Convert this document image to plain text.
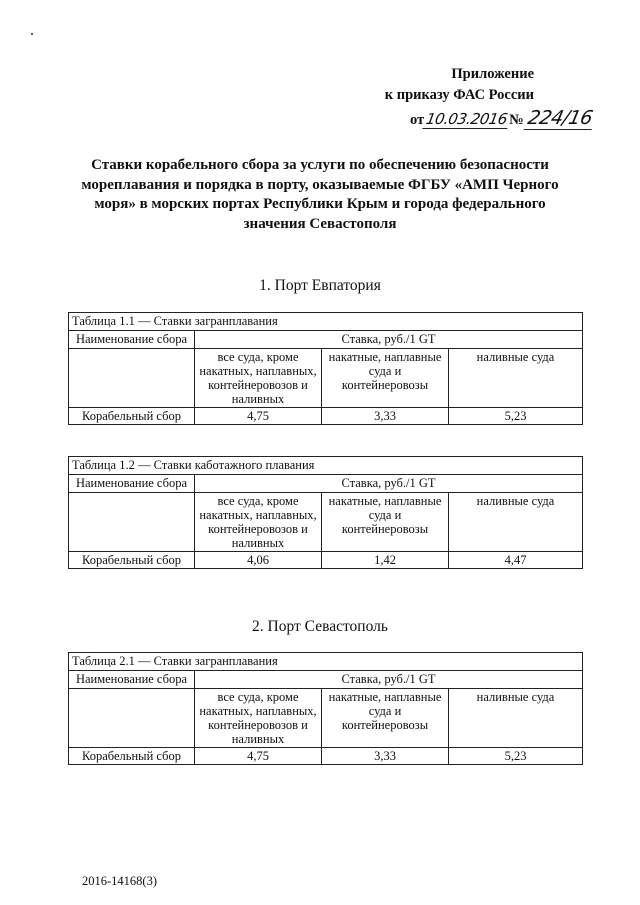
Приложение
к приказу ФАС России
от10.03.2016№224/16
Ставки корабельного сбора за услуги по обеспечению безопасности мореплавания и порядка в порту, оказываемые ФГБУ «АМП Черного моря» в морских портах Республики Крым и города федерального значения Севастополя
1. Порт Евпатория
Таблица 1.1 — Ставки загранплавания			
Наименование сбора	Ставка, руб./1 GT		
	все суда, кроме накатных, наплавных, контейнеровозов и наливных	накатные, наплавные суда и контейнеровозы	наливные суда
Корабельный сбор	4,75	3,33	5,23
Таблица 1.2 — Ставки каботажного плавания			
Наименование сбора	Ставка, руб./1 GT		
	все суда, кроме накатных, наплавных, контейнеровозов и наливных	накатные, наплавные суда и контейнеровозы	наливные суда
Корабельный сбор	4,06	1,42	4,47
2. Порт Севастополь
Таблица 2.1 — Ставки загранплавания			
Наименование сбора	Ставка, руб./1 GT		
	все суда, кроме накатных, наплавных, контейнеровозов и наливных	накатные, наплавные суда и контейнеровозы	наливные суда
Корабельный сбор	4,75	3,33	5,23
2016-14168(3)
